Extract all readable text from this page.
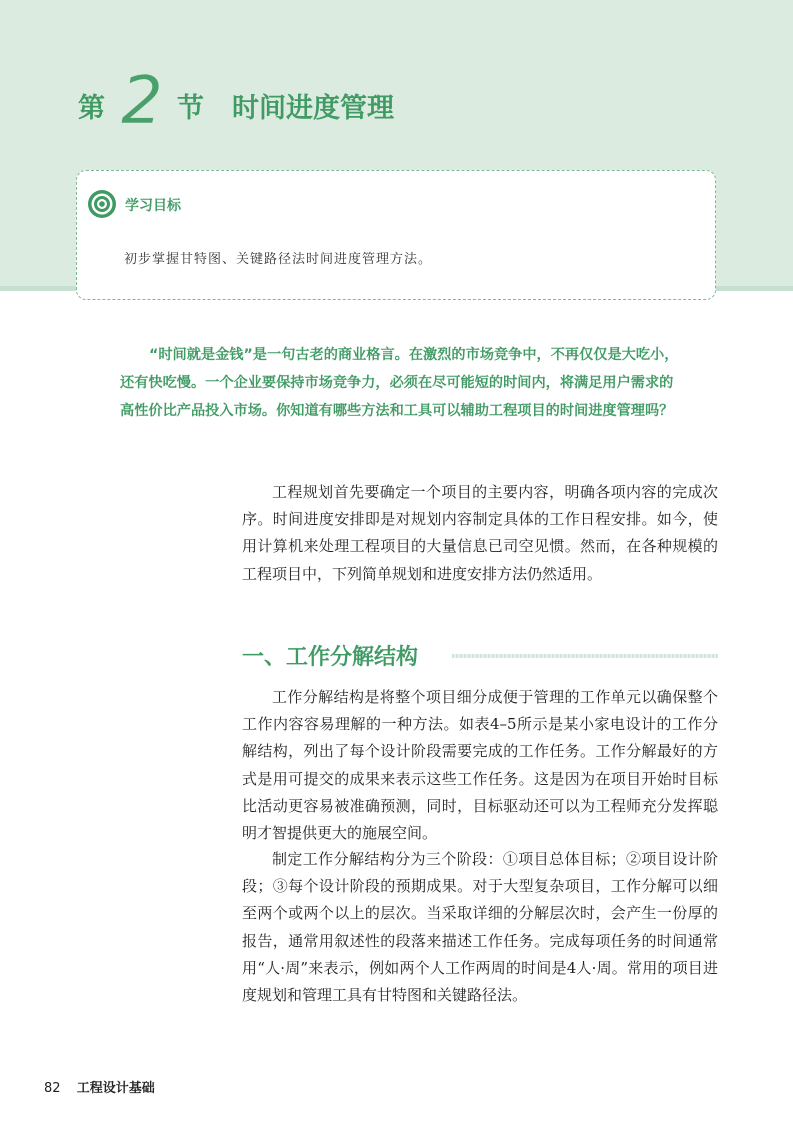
第 2 节 时间进度管理
学习目标
初步掌握甘特图、关键路径法时间进度管理方法。

“时间就是金钱”是一句古老的商业格言。在激烈的市场竞争中，不再仅仅是大吃小，还有快吃慢。一个企业要保持市场竞争力，必须在尽可能短的时间内，将满足用户需求的高性价比产品投入市场。你知道有哪些方法和工具可以辅助工程项目的时间进度管理吗？

工程规划首先要确定一个项目的主要内容，明确各项内容的完成次序。时间进度安排即是对规划内容制定具体的工作日程安排。如今，使用计算机来处理工程项目的大量信息已司空见惯。然而，在各种规模的工程项目中，下列简单规划和进度安排方法仍然适用。

一、工作分解结构

工作分解结构是将整个项目细分成便于管理的工作单元以确保整个工作内容容易理解的一种方法。如表4–5所示是某小家电设计的工作分解结构，列出了每个设计阶段需要完成的工作任务。工作分解最好的方式是用可提交的成果来表示这些工作任务。这是因为在项目开始时目标比活动更容易被准确预测，同时，目标驱动还可以为工程师充分发挥聪明才智提供更大的施展空间。

制定工作分解结构分为三个阶段：①项目总体目标；②项目设计阶段；③每个设计阶段的预期成果。对于大型复杂项目，工作分解可以细至两个或两个以上的层次。当采取详细的分解层次时，会产生一份厚的报告，通常用叙述性的段落来描述工作任务。完成每项任务的时间通常用“人·周”来表示，例如两个人工作两周的时间是4人·周。常用的项目进度规划和管理工具有甘特图和关键路径法。

82 工程设计基础
